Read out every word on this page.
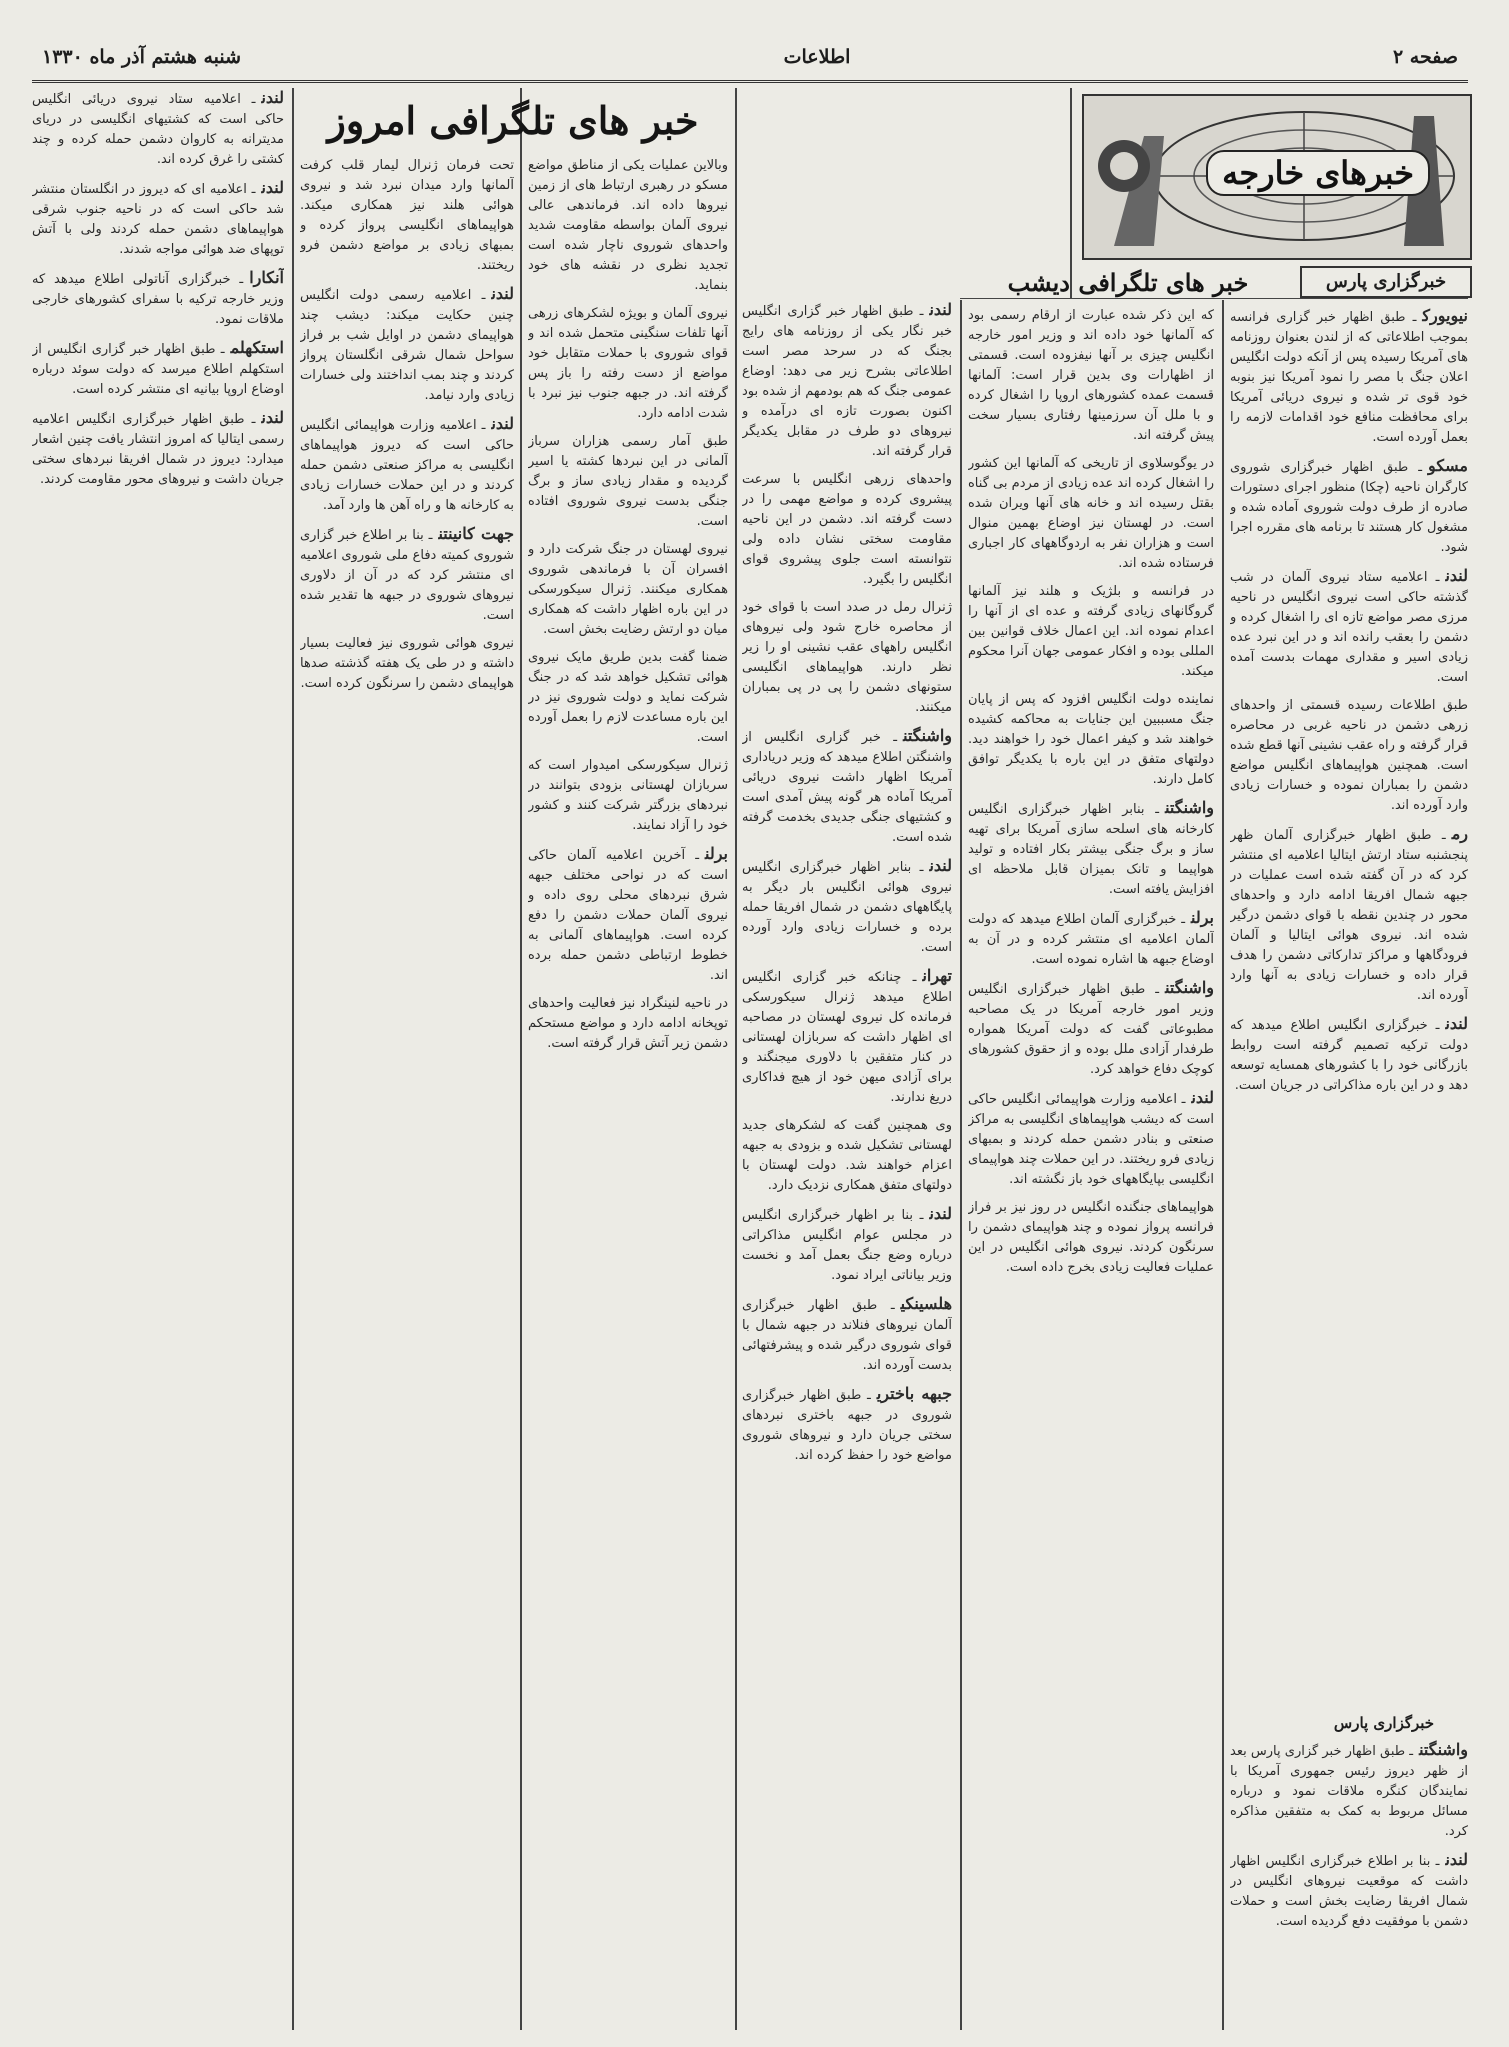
صفحه ۲
اطلاعات
شنبه هشتم آذر ماه ۱۳۳۰
خبرهای خارجه
خبرگزاری پارس
خبر های تلگرافی دیشب
خبر های تلگرافی امروز

نیویورکـ طبق اظهار خبر گزاری فرانسه بموجب اطلاعاتی که از لندن بعنوان روزنامه های آمریکا رسیده پس از آنکه دولت انگلیس اعلان جنگ با مصر را نمود آمریکا نیز بنوبه خود قوی تر شده و نیروی دریائی آمریکا برای محافظت منافع خود اقدامات لازمه را بعمل آورده است.

مسکوـ طبق اظهار خبرگزاری شوروی کارگران ناحیه (چکا) منظور اجرای دستورات صادره از طرف دولت شوروی آماده شده و مشغول کار هستند تا برنامه های مقرره اجرا شود.

لندنـ اعلامیه ستاد نیروی آلمان در شب گذشته حاکی است نیروی انگلیس در ناحیه مرزی مصر مواضع تازه ای را اشغال کرده و دشمن را بعقب رانده اند و در این نبرد عده زیادی اسیر و مقداری مهمات بدست آمده است.

طبق اطلاعات رسیده قسمتی از واحدهای زرهی دشمن در ناحیه غربی در محاصره قرار گرفته و راه عقب نشینی آنها قطع شده است. همچنین هواپیماهای انگلیس مواضع دشمن را بمباران نموده و خسارات زیادی وارد آورده اند.

رمـ طبق اظهار خبرگزاری آلمان ظهر پنجشنبه ستاد ارتش ایتالیا اعلامیه ای منتشر کرد که در آن گفته شده است عملیات در جبهه شمال افریقا ادامه دارد و واحدهای محور در چندین نقطه با قوای دشمن درگیر شده اند. نیروی هوائی ایتالیا و آلمان فرودگاهها و مراکز تدارکاتی دشمن را هدف قرار داده و خسارات زیادی به آنها وارد آورده اند.

لندنـ خبرگزاری انگلیس اطلاع میدهد که دولت ترکیه تصمیم گرفته است روابط بازرگانی خود را با کشورهای همسایه توسعه دهد و در این باره مذاکراتی در جریان است.

خبرگزاری پارس

واشنگتنـ طبق اظهار خبر گزاری پارس بعد از ظهر دیروز رئیس جمهوری آمریکا با نمایندگان کنگره ملاقات نمود و درباره مسائل مربوط به کمک به متفقین مذاکره کرد.

لندنـ بنا بر اطلاع خبرگزاری انگلیس اظهار داشت که موقعیت نیروهای انگلیس در شمال افریقا رضایت بخش است و حملات دشمن با موفقیت دفع گردیده است.

که این ذکر شده عبارت از ارقام رسمی بود که آلمانها خود داده اند و وزیر امور خارجه انگلیس چیزی بر آنها نیفزوده است. قسمتی از اظهارات وی بدین قرار است: آلمانها قسمت عمده کشورهای اروپا را اشغال کرده و با ملل آن سرزمینها رفتاری بسیار سخت پیش گرفته اند.

در یوگوسلاوی از تاریخی که آلمانها این کشور را اشغال کرده اند عده زیادی از مردم بی گناه بقتل رسیده اند و خانه های آنها ویران شده است. در لهستان نیز اوضاع بهمین منوال است و هزاران نفر به اردوگاههای کار اجباری فرستاده شده اند.

در فرانسه و بلژیک و هلند نیز آلمانها گروگانهای زیادی گرفته و عده ای از آنها را اعدام نموده اند. این اعمال خلاف قوانین بین المللی بوده و افکار عمومی جهان آنرا محکوم میکند.

نماینده دولت انگلیس افزود که پس از پایان جنگ مسببین این جنایات به محاکمه کشیده خواهند شد و کیفر اعمال خود را خواهند دید. دولتهای متفق در این باره با یکدیگر توافق کامل دارند.

واشنگتنـ بنابر اظهار خبرگزاری انگلیس کارخانه های اسلحه سازی آمریکا برای تهیه ساز و برگ جنگی بیشتر بکار افتاده و تولید هواپیما و تانک بمیزان قابل ملاحظه ای افزایش یافته است.

برلنـ خبرگزاری آلمان اطلاع میدهد که دولت آلمان اعلامیه ای منتشر کرده و در آن به اوضاع جبهه ها اشاره نموده است.

واشنگتنـ طبق اظهار خبرگزاری انگلیس وزیر امور خارجه آمریکا در یک مصاحبه مطبوعاتی گفت که دولت آمریکا همواره طرفدار آزادی ملل بوده و از حقوق کشورهای کوچک دفاع خواهد کرد.

لندنـ اعلامیه وزارت هواپیمائی انگلیس حاکی است که دیشب هواپیماهای انگلیسی به مراکز صنعتی و بنادر دشمن حمله کردند و بمبهای زیادی فرو ریختند. در این حملات چند هواپیمای انگلیسی بپایگاههای خود باز نگشته اند.

هواپیماهای جنگنده انگلیس در روز نیز بر فراز فرانسه پرواز نموده و چند هواپیمای دشمن را سرنگون کردند. نیروی هوائی انگلیس در این عملیات فعالیت زیادی بخرج داده است.

لندنـ طبق اظهار خبر گزاری انگلیس خبر نگار یکی از روزنامه های رایج بجنگ که در سرحد مصر است اطلاعاتی بشرح زیر می دهد: اوضاع عمومی جنگ که هم بودمهم از شده بود اکنون بصورت تازه ای درآمده و نیروهای دو طرف در مقابل یکدیگر قرار گرفته اند.

واحدهای زرهی انگلیس با سرعت پیشروی کرده و مواضع مهمی را در دست گرفته اند. دشمن در این ناحیه مقاومت سختی نشان داده ولی نتوانسته است جلوی پیشروی قوای انگلیس را بگیرد.

ژنرال رمل در صدد است با قوای خود از محاصره خارج شود ولی نیروهای انگلیس راههای عقب نشینی او را زیر نظر دارند. هواپیماهای انگلیسی ستونهای دشمن را پی در پی بمباران میکنند.

واشنگتنـ خبر گزاری انگلیس از واشنگتن اطلاع میدهد که وزیر دریاداری آمریکا اظهار داشت نیروی دریائی آمریکا آماده هر گونه پیش آمدی است و کشتیهای جنگی جدیدی بخدمت گرفته شده است.

لندنـ بنابر اظهار خبرگزاری انگلیس نیروی هوائی انگلیس بار دیگر به پایگاههای دشمن در شمال افریقا حمله برده و خسارات زیادی وارد آورده است.

تهرانـ چنانکه خبر گزاری انگلیس اطلاع میدهد ژنرال سیکورسکی فرمانده کل نیروی لهستان در مصاحبه ای اظهار داشت که سربازان لهستانی در کنار متفقین با دلاوری میجنگند و برای آزادی میهن خود از هیچ فداکاری دریغ ندارند.

وی همچنین گفت که لشکرهای جدید لهستانی تشکیل شده و بزودی به جبهه اعزام خواهند شد. دولت لهستان با دولتهای متفق همکاری نزدیک دارد.

لندنـ بنا بر اظهار خبرگزاری انگلیس در مجلس عوام انگلیس مذاکراتی درباره وضع جنگ بعمل آمد و نخست وزیر بیاناتی ایراد نمود.

هلسینکیـ طبق اظهار خبرگزاری آلمان نیروهای فنلاند در جبهه شمال با قوای شوروی درگیر شده و پیشرفتهائی بدست آورده اند.

جبهه باختریـ طبق اظهار خبرگزاری شوروی در جبهه باختری نبردهای سختی جریان دارد و نیروهای شوروی مواضع خود را حفظ کرده اند.

وبالاین عملیات یکی از مناطق مواضع مسکو در رهبری ارتباط های از زمین نیروها داده اند. فرماندهی عالی نیروی آلمان بواسطه مقاومت شدید واحدهای شوروی ناچار شده است تجدید نظری در نقشه های خود بنماید.

نیروی آلمان و بویژه لشکرهای زرهی آنها تلفات سنگینی متحمل شده اند و قوای شوروی با حملات متقابل خود مواضع از دست رفته را باز پس گرفته اند. در جبهه جنوب نیز نبرد با شدت ادامه دارد.

طبق آمار رسمی هزاران سرباز آلمانی در این نبردها کشته یا اسیر گردیده و مقدار زیادی ساز و برگ جنگی بدست نیروی شوروی افتاده است.

نیروی لهستان در جنگ شرکت دارد و افسران آن با فرماندهی شوروی همکاری میکنند. ژنرال سیکورسکی در این باره اظهار داشت که همکاری میان دو ارتش رضایت بخش است.

ضمنا گفت بدین طریق مایک نیروی هوائی تشکیل خواهد شد که در جنگ شرکت نماید و دولت شوروی نیز در این باره مساعدت لازم را بعمل آورده است.

ژنرال سیکورسکی امیدوار است که سربازان لهستانی بزودی بتوانند در نبردهای بزرگتر شرکت کنند و کشور خود را آزاد نمایند.

برلنـ آخرین اعلامیه آلمان حاکی است که در نواحی مختلف جبهه شرق نبردهای محلی روی داده و نیروی آلمان حملات دشمن را دفع کرده است. هواپیماهای آلمانی به خطوط ارتباطی دشمن حمله برده اند.

در ناحیه لنینگراد نیز فعالیت واحدهای توپخانه ادامه دارد و مواضع مستحکم دشمن زیر آتش قرار گرفته است.

تحت فرمان ژنرال لیمار قلب کرفت آلمانها وارد میدان نبرد شد و نیروی هوائی هلند نیز همکاری میکند. هواپیماهای انگلیسی پرواز کرده و بمبهای زیادی بر مواضع دشمن فرو ریختند.

لندنـ اعلامیه رسمی دولت انگلیس چنین حکایت میکند: دیشب چند هواپیمای دشمن در اوایل شب بر فراز سواحل شمال شرقی انگلستان پرواز کردند و چند بمب انداختند ولی خسارات زیادی وارد نیامد.

لندنـ اعلامیه وزارت هواپیمائی انگلیس حاکی است که دیروز هواپیماهای انگلیسی به مراکز صنعتی دشمن حمله کردند و در این حملات خسارات زیادی به کارخانه ها و راه آهن ها وارد آمد.

جهت کانینتنـ بنا بر اطلاع خبر گزاری شوروی کمیته دفاع ملی شوروی اعلامیه ای منتشر کرد که در آن از دلاوری نیروهای شوروی در جبهه ها تقدیر شده است.

نیروی هوائی شوروی نیز فعالیت بسیار داشته و در طی یک هفته گذشته صدها هواپیمای دشمن را سرنگون کرده است.

لندنـ اعلامیه ستاد نیروی دریائی انگلیس حاکی است که کشتیهای انگلیسی در دریای مدیترانه به کاروان دشمن حمله کرده و چند کشتی را غرق کرده اند.

لندنـ اعلامیه ای که دیروز در انگلستان منتشر شد حاکی است که در ناحیه جنوب شرقی هواپیماهای دشمن حمله کردند ولی با آتش توپهای ضد هوائی مواجه شدند.

آنکاراـ خبرگزاری آناتولی اطلاع میدهد که وزیر خارجه ترکیه با سفرای کشورهای خارجی ملاقات نمود.

استکهلمـ طبق اظهار خبر گزاری انگلیس از استکهلم اطلاع میرسد که دولت سوئد درباره اوضاع اروپا بیانیه ای منتشر کرده است.

لندنـ طبق اظهار خبرگزاری انگلیس اعلامیه رسمی ایتالیا که امروز انتشار یافت چنین اشعار میدارد: دیروز در شمال افریقا نبردهای سختی جریان داشت و نیروهای محور مقاومت کردند.
